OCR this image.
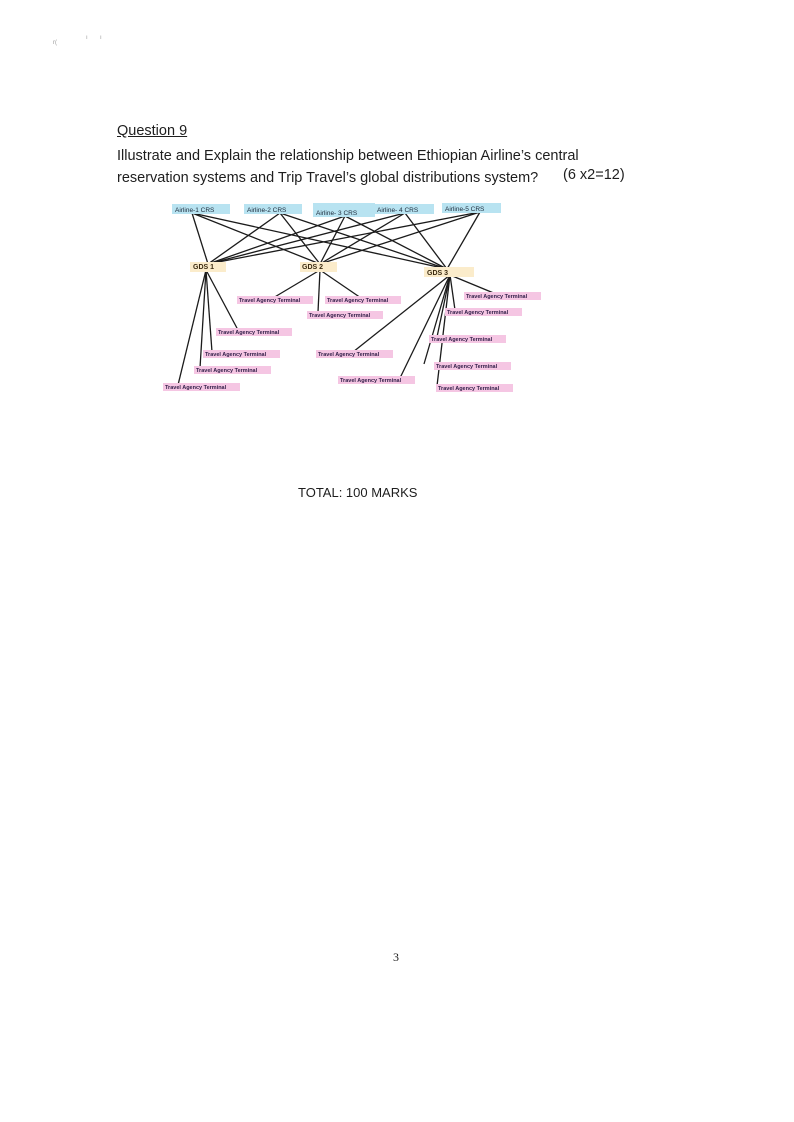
r(
ı ı
Question 9

Illustrate and Explain the relationship between Ethiopian Airline’s central reservation systems and Trip Travel’s global distributions system?	(6 x2=12)
Airline-1 CRS	Airline-2 CRS	Airline- 3 CRS	Airline- 4 CRS	Airline-5 CRS
GDS 1	GDS 2
GDS 3
Travel Agency Terminal	Travel Agency Terminal
Travel Agency Terminal
Travel Agency Terminal
Travel Agency Terminal
Travel Agency Terminal
Travel Agency Terminal
Travel Agency Terminal
Travel Agency Terminal
Travel Agency Terminal
Travel Agency Terminal
Travel Agency Terminal
Travel Agency Terminal
Travel Agency Terminal
TOTAL: 100 MARKS
3
